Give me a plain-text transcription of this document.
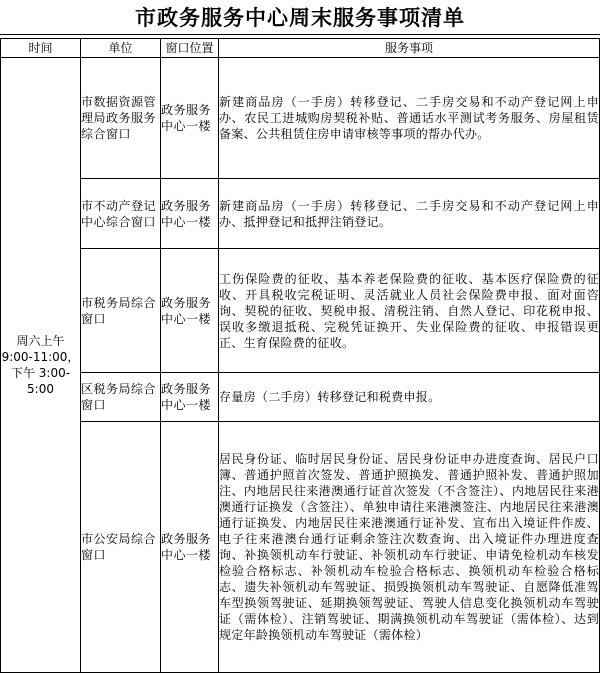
市政务服务中心周末服务事项清单
时间	单位	窗口位置	服务事项
周六上午 9:00-11:00，下午 3:00-5:00	市数据资源管理局政务服务综合窗口	政务服务中心一楼	新建商品房（一手房）转移登记、二手房交易和不动产登记网上申办、农民工进城购房契税补贴、普通话水平测试考务服务、房屋租赁备案、公共租赁住房申请审核等事项的帮办代办。
	市不动产登记中心综合窗口	政务服务中心一楼	新建商品房（一手房）转移登记、二手房交易和不动产登记网上申办、抵押登记和抵押注销登记。
	市税务局综合窗口	政务服务中心一楼	工伤保险费的征收、基本养老保险费的征收、基本医疗保险费的征收、开具税收完税证明、灵活就业人员社会保险费申报、面对面咨询、契税的征收、契税申报、清税注销、自然人登记、印花税申报、误收多缴退抵税、完税凭证换开、失业保险费的征收、申报错误更正、生育保险费的征收。
	区税务局综合窗口	政务服务中心一楼	存量房（二手房）转移登记和税费申报。
	市公安局综合窗口	政务服务中心一楼	居民身份证、临时居民身份证、居民身份证申办进度查询、居民户口簿、普通护照首次签发、普通护照换发、普通护照补发、普通护照加注、内地居民往来港澳通行证首次签发（不含签注）、内地居民往来港澳通行证换发（含签注）、单独申请往来港澳签注、内地居民往来港澳通行证换发、内地居民往来港澳通行证补发、宣布出入境证件作废、电子往来港澳台通行证剩余签注次数查询、出入境证件办理进度查询、补换领机动车行驶证、补领机动车行驶证、申请免检机动车核发检验合格标志、补领机动车检验合格标志、换领机动车检验合格标志、遗失补领机动车驾驶证、损毁换领机动车驾驶证、自愿降低准驾车型换领驾驶证、延期换领驾驶证、驾驶人信息变化换领机动车驾驶证（需体检）、注销驾驶证、期满换领机动车驾驶证（需体检）、达到规定年龄换领机动车驾驶证（需体检）
